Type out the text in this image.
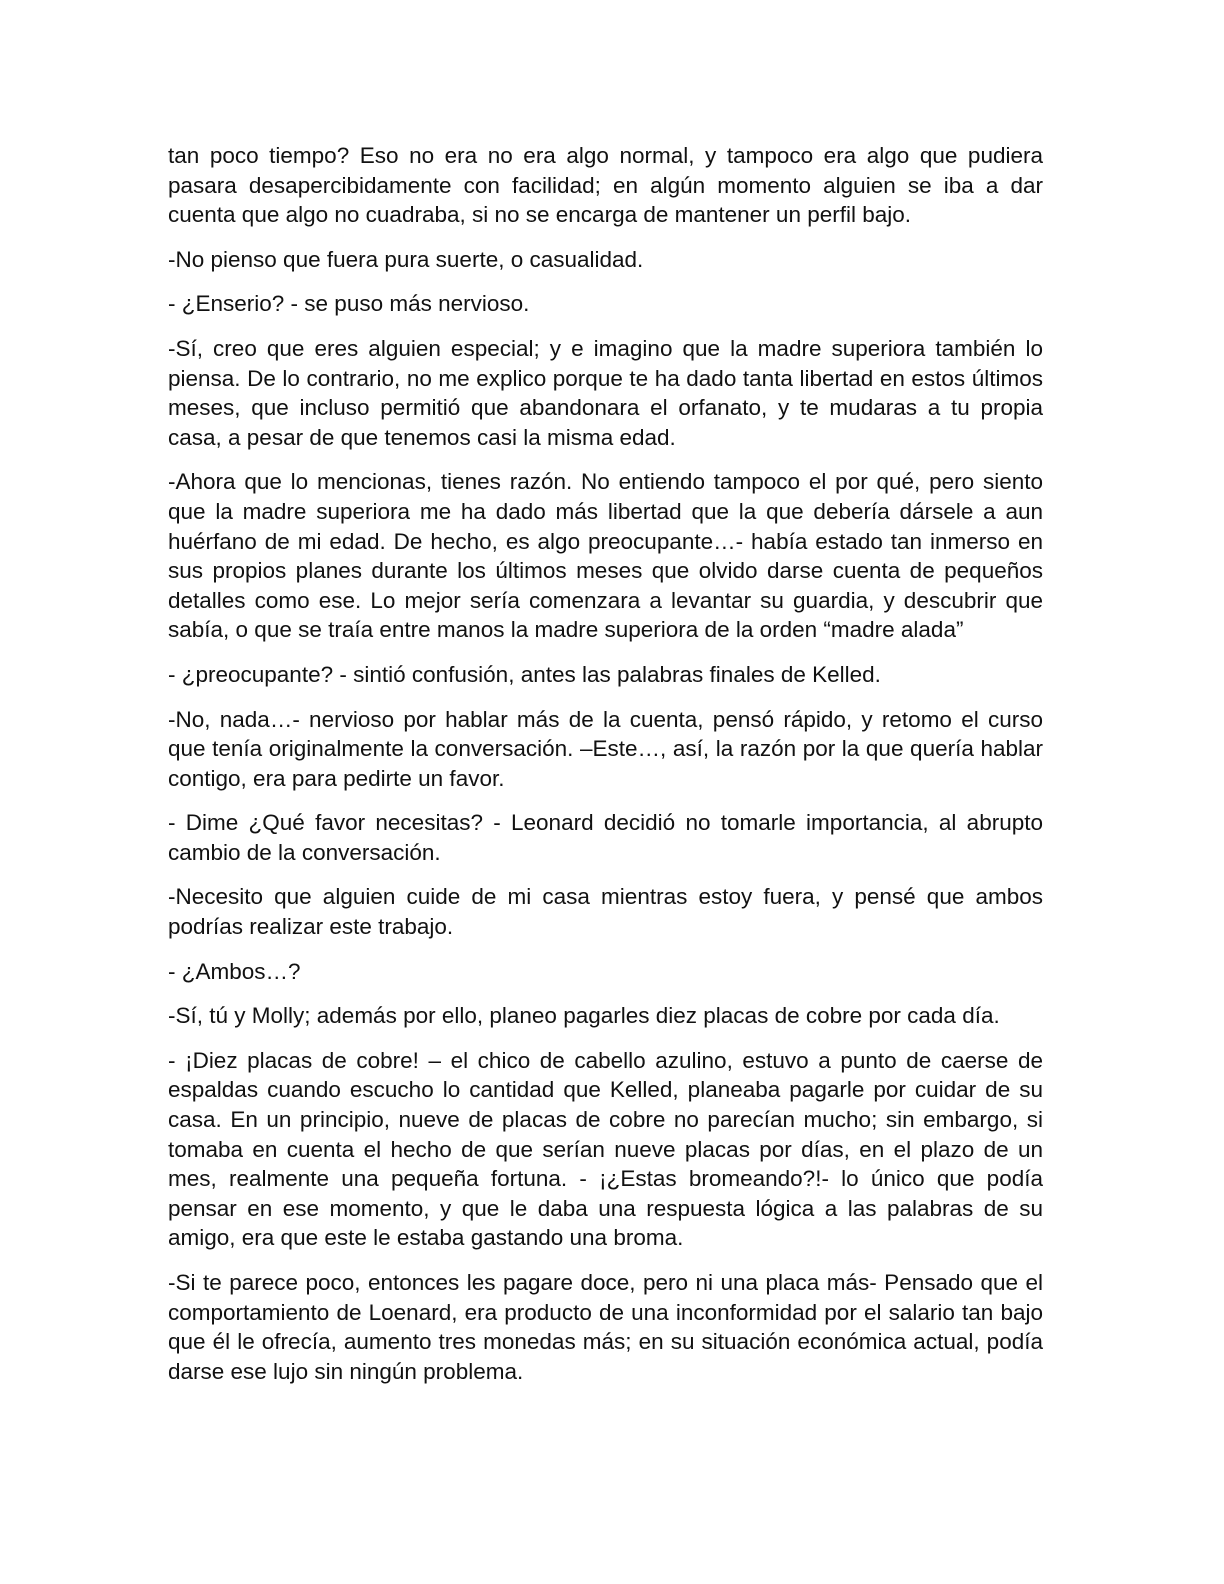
tan poco tiempo? Eso no era no era algo normal, y tampoco era algo que pudiera pasara desapercibidamente con facilidad; en algún momento alguien se iba a dar cuenta que algo no cuadraba, si no se encarga de mantener un perfil bajo.

-No pienso que fuera pura suerte, o casualidad.

- ¿Enserio? - se puso más nervioso.

-Sí, creo que eres alguien especial; y e imagino que la madre superiora también lo piensa. De lo contrario, no me explico porque te ha dado tanta libertad en estos últimos meses, que incluso permitió que abandonara el orfanato, y te mudaras a tu propia casa, a pesar de que tenemos casi la misma edad.

-Ahora que lo mencionas, tienes razón. No entiendo tampoco el por qué, pero siento que la madre superiora me ha dado más libertad que la que debería dársele a aun huérfano de mi edad. De hecho, es algo preocupante…- había estado tan inmerso en sus propios planes durante los últimos meses que olvido darse cuenta de pequeños detalles como ese. Lo mejor sería comenzara a levantar su guardia, y descubrir que sabía, o que se traía entre manos la madre superiora de la orden “madre alada”

- ¿preocupante? - sintió confusión, antes las palabras finales de Kelled.

-No, nada…- nervioso por hablar más de la cuenta, pensó rápido, y retomo el curso que tenía originalmente la conversación. –Este…, así, la razón por la que quería hablar contigo, era para pedirte un favor.

- Dime ¿Qué favor necesitas? - Leonard decidió no tomarle importancia, al abrupto cambio de la conversación.

-Necesito que alguien cuide de mi casa mientras estoy fuera, y pensé que ambos podrías realizar este trabajo.

- ¿Ambos…?

-Sí, tú y Molly; además por ello, planeo pagarles diez placas de cobre por cada día.

- ¡Diez placas de cobre! – el chico de cabello azulino, estuvo a punto de caerse de espaldas cuando escucho lo cantidad que Kelled, planeaba pagarle por cuidar de su casa. En un principio, nueve de placas de cobre no parecían mucho; sin embargo, si tomaba en cuenta el hecho de que serían nueve placas por días, en el plazo de un mes, realmente una pequeña fortuna. - ¡¿Estas bromeando?!- lo único que podía pensar en ese momento, y que le daba una respuesta lógica a las palabras de su amigo, era que este le estaba gastando una broma.

-Si te parece poco, entonces les pagare doce, pero ni una placa más- Pensado que el comportamiento de Loenard, era producto de una inconformidad por el salario tan bajo que él le ofrecía, aumento tres monedas más; en su situación económica actual, podía darse ese lujo sin ningún problema.
